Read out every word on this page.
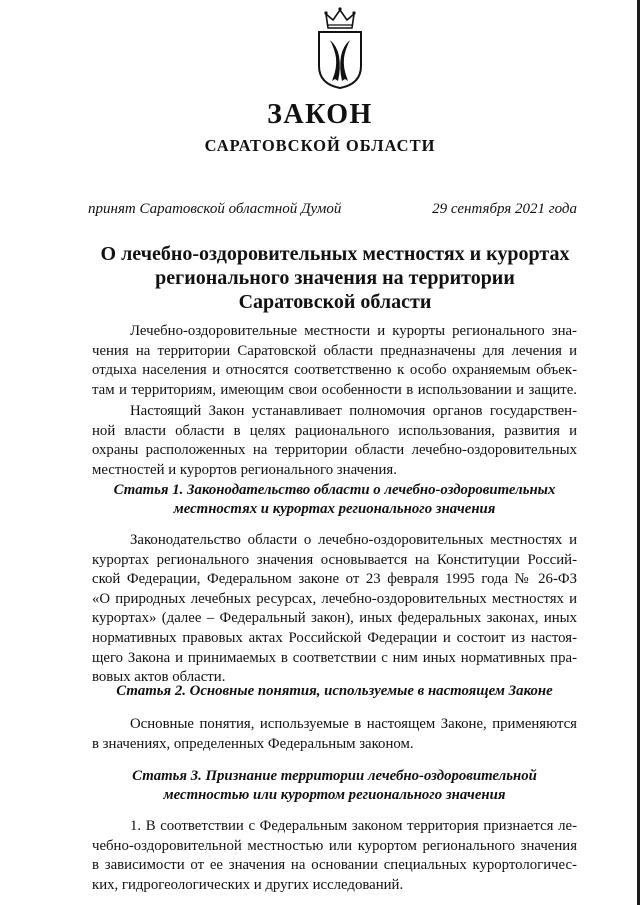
ЗАКОН
САРАТОВСКОЙ ОБЛАСТИ
принят Саратовской областной Думой	29 сентября 2021 года
О лечебно-оздоровительных местностях и курортах
регионального значения на территории
Саратовской области
Лечебно-оздоровительные местности и курорты регионального зна-
чения на территории Саратовской области предназначены для лечения и
отдыха населения и относятся соответственно к особо охраняемым объек-
там и территориям, имеющим свои особенности в использовании и защите.
Настоящий Закон устанавливает полномочия органов государствен-
ной власти области в целях рационального использования, развития и
охраны расположенных на территории области лечебно-оздоровительных
местностей и курортов регионального значения.
Статья 1. Законодательство области о лечебно-оздоровительных
местностях и курортах регионального значения
Законодательство области о лечебно-оздоровительных местностях и
курортах регионального значения основывается на Конституции Россий-
ской Федерации, Федеральном законе от 23 февраля 1995 года № 26-ФЗ
«О природных лечебных ресурсах, лечебно-оздоровительных местностях и
курортах» (далее – Федеральный закон), иных федеральных законах, иных
нормативных правовых актах Российской Федерации и состоит из настоя-
щего Закона и принимаемых в соответствии с ним иных нормативных пра-
вовых актов области.
Статья 2. Основные понятия, используемые в настоящем Законе
Основные понятия, используемые в настоящем Законе, применяются
в значениях, определенных Федеральным законом.
Статья 3. Признание территории лечебно-оздоровительной
местностью или курортом регионального значения
1. В соответствии с Федеральным законом территория признается ле-
чебно-оздоровительной местностью или курортом регионального значения
в зависимости от ее значения на основании специальных курортологичес-
ких, гидрогеологических и других исследований.
